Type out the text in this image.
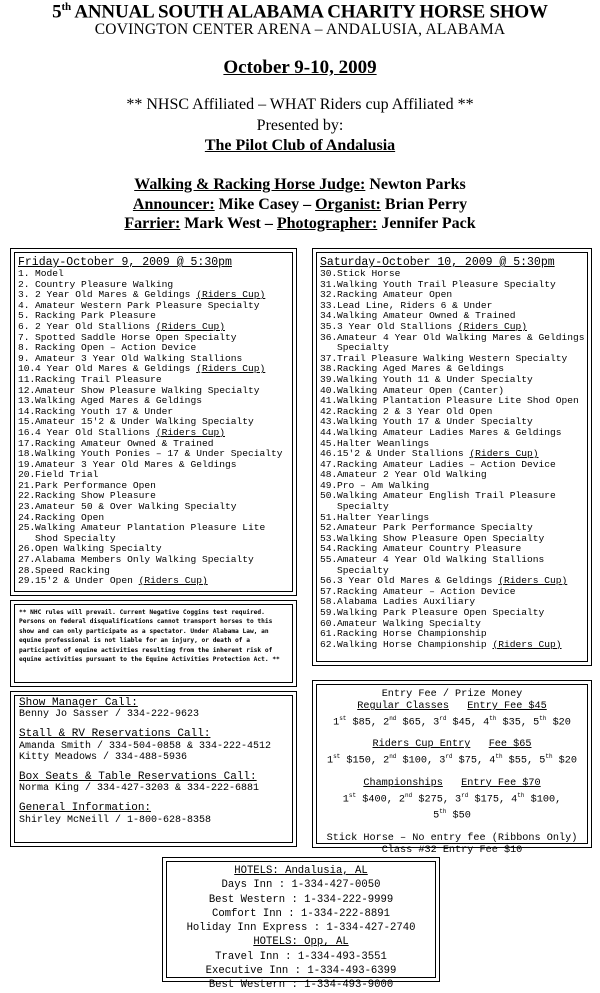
5th ANNUAL SOUTH ALABAMA CHARITY HORSE SHOW
COVINGTON CENTER ARENA – ANDALUSIA, ALABAMA
October 9-10, 2009
** NHSC Affiliated – WHAT Riders cup Affiliated **
Presented by:
The Pilot Club of Andalusia
Walking & Racking Horse Judge: Newton Parks
Announcer: Mike Casey – Organist: Brian Perry
Farrier: Mark West – Photographer: Jennifer Pack
Friday-October 9, 2009 @ 5:30pm
1. Model
2. Country Pleasure Walking
3. 2 Year Old Mares & Geldings (Riders Cup)
4. Amateur Western Park Pleasure Specialty
5. Racking Park Pleasure
6. 2 Year Old Stallions (Riders Cup)
7. Spotted Saddle Horse Open Specialty
8. Racking Open – Action Device
9. Amateur 3 Year Old Walking Stallions
10.4 Year Old Mares & Geldings (Riders Cup)
11.Racking Trail Pleasure
12.Amateur Show Pleasure Walking Specialty
13.Walking Aged Mares & Geldings
14.Racking Youth 17 & Under
15.Amateur 15'2 & Under Walking Specialty
16.4 Year Old Stallions (Riders Cup)
17.Racking Amateur Owned & Trained
18.Walking Youth Ponies – 17 & Under Specialty
19.Amateur 3 Year Old Mares & Geldings
20.Field Trial
21.Park Performance Open
22.Racking Show Pleasure
23.Amateur 50 & Over Walking Specialty
24.Racking Open
25.Walking Amateur Plantation Pleasure Lite
Shod Specialty
26.Open Walking Specialty
27.Alabama Members Only Walking Specialty
28.Speed Racking
29.15'2 & Under Open (Riders Cup)
Saturday-October 10, 2009 @ 5:30pm
30.Stick Horse
31.Walking Youth Trail Pleasure Specialty
32.Racking Amateur Open
33.Lead Line, Riders 6 & Under
34.Walking Amateur Owned & Trained
35.3 Year Old Stallions (Riders Cup)
36.Amateur 4 Year Old Walking Mares & Geldings
Specialty
37.Trail Pleasure Walking Western Specialty
38.Racking Aged Mares & Geldings
39.Walking Youth 11 & Under Specialty
40.Walking Amateur Open (Canter)
41.Walking Plantation Pleasure Lite Shod Open
42.Racking 2 & 3 Year Old Open
43.Walking Youth 17 & Under Specialty
44.Walking Amateur Ladies Mares & Geldings
45.Halter Weanlings
46.15'2 & Under Stallions (Riders Cup)
47.Racking Amateur Ladies – Action Device
48.Amateur 2 Year Old Walking
49.Pro – Am Walking
50.Walking Amateur English Trail Pleasure
Specialty
51.Halter Yearlings
52.Amateur Park Performance Specialty
53.Walking Show Pleasure Open Specialty
54.Racking Amateur Country Pleasure
55.Amateur 4 Year Old Walking Stallions
Specialty
56.3 Year Old Mares & Geldings (Riders Cup)
57.Racking Amateur – Action Device
58.Alabama Ladies Auxiliary
59.Walking Park Pleasure Open Specialty
60.Amateur Walking Specialty
61.Racking Horse Championship
62.Walking Horse Championship (Riders Cup)
** NHC rules will prevail. Current Negative Coggins test required. Persons on federal disqualifications cannot transport horses to this show and can only participate as a spectator. Under Alabama Law, an equine professional is not liable for an injury, or death of a participant of equine activities resulting from the inherent risk of equine activities pursuant to the Equine Activities Protection Act. **
Show Manager Call:
Benny Jo Sasser / 334-222-9623
Stall & RV Reservations Call:
Amanda Smith / 334-504-0858 & 334-222-4512
Kitty Meadows / 334-488-5936
Box Seats & Table Reservations Call:
Norma King / 334-427-3203 & 334-222-6881
General Information:
Shirley McNeill / 1-800-628-8358
Entry Fee / Prize Money
Regular Classes Entry Fee $45
1st $85, 2nd $65, 3rd $45, 4th $35, 5th $20
Riders Cup Entry Fee $65
1st $150, 2nd $100, 3rd $75, 4th $55, 5th $20
Championships Entry Fee $70
1st $400, 2nd $275, 3rd $175, 4th $100,
5th $50
Stick Horse – No entry fee (Ribbons Only)
Class #32 Entry Fee $10
HOTELS: Andalusia, AL
Days Inn : 1-334-427-0050
Best Western : 1-334-222-9999
Comfort Inn : 1-334-222-8891
Holiday Inn Express : 1-334-427-2740
HOTELS: Opp, AL
Travel Inn : 1-334-493-3551
Executive Inn : 1-334-493-6399
Best Western : 1-334-493-9000
